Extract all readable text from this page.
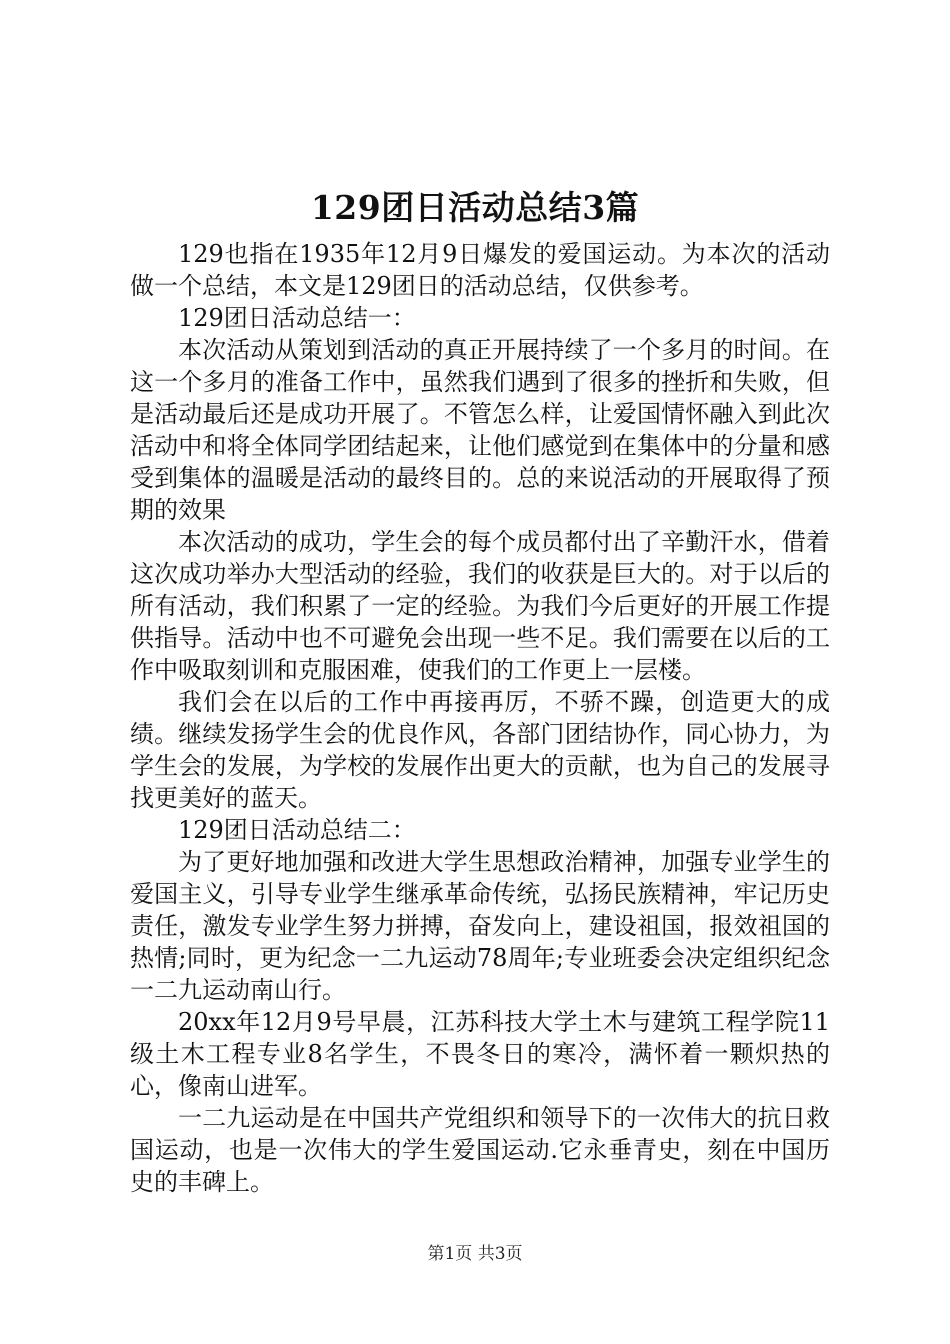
129团日活动总结3篇

129也指在1935年12月9日爆发的爱国运动。为本次的活动做一个总结，本文是129团日的活动总结，仅供参考。

129团日活动总结一：

本次活动从策划到活动的真正开展持续了一个多月的时间。在这一个多月的准备工作中，虽然我们遇到了很多的挫折和失败，但是活动最后还是成功开展了。不管怎么样，让爱国情怀融入到此次活动中和将全体同学团结起来，让他们感觉到在集体中的分量和感受到集体的温暖是活动的最终目的。总的来说活动的开展取得了预期的效果

本次活动的成功，学生会的每个成员都付出了辛勤汗水，借着这次成功举办大型活动的经验，我们的收获是巨大的。对于以后的所有活动，我们积累了一定的经验。为我们今后更好的开展工作提供指导。活动中也不可避免会出现一些不足。我们需要在以后的工作中吸取刻训和克服困难，使我们的工作更上一层楼。

我们会在以后的工作中再接再厉，不骄不躁，创造更大的成绩。继续发扬学生会的优良作风，各部门团结协作，同心协力，为学生会的发展，为学校的发展作出更大的贡献，也为自己的发展寻找更美好的蓝天。

129团日活动总结二：

为了更好地加强和改进大学生思想政治精神，加强专业学生的爱国主义，引导专业学生继承革命传统，弘扬民族精神，牢记历史责任，激发专业学生努力拼搏，奋发向上，建设祖国，报效祖国的热情;同时，更为纪念一二九运动78周年;专业班委会决定组织纪念一二九运动南山行。

20xx年12月9号早晨，江苏科技大学土木与建筑工程学院11级土木工程专业8名学生，不畏冬日的寒冷，满怀着一颗炽热的心，像南山进军。

一二九运动是在中国共产党组织和领导下的一次伟大的抗日救国运动，也是一次伟大的学生爱国运动.它永垂青史，刻在中国历史的丰碑上。

第1页 共3页
